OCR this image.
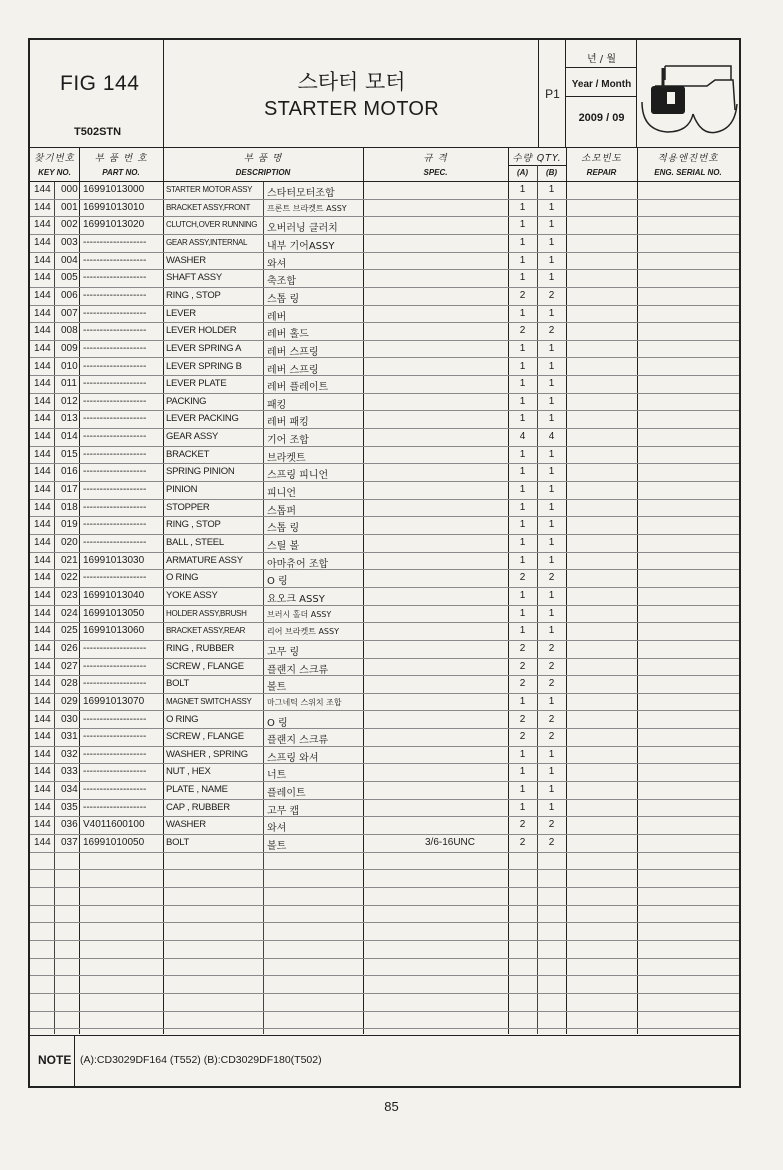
FIG 144
T502STN
스타터 모터
STARTER MOTOR
P1
년 / 월
Year / Month
2009 / 09
찾기번호
KEY NO.
부 품 번 호
PART NO.
부 품 명
DESCRIPTION
규 격
SPEC.
수량 QTY.
(A)	(B)
소모빈도
REPAIR
적용엔진번호
ENG. SERIAL NO.
144 000 16991013000	STARTER MOTOR ASSY 스타터모터조합	1	1
144 001 16991013010	BRACKET ASSY,FRONT 프론트 브라켓트 ASSY	1	1
144 002 16991013020	CLUTCH,OVER RUNNING 오버러닝 클러치	1	1
144 003 ------------------- GEAR ASSY,INTERNAL 내부 기어ASSY	1	1
144 004 ------------------- WASHER	와셔	1	1
144 005 ------------------- SHAFT ASSY	축조합	1	1
144 006 ------------------- RING , STOP	스톱 링	2	2
144 007 ------------------- LEVER	레버	1	1
144 008 ------------------- LEVER HOLDER	레버 홀드	2	2
144 009 ------------------- LEVER SPRING A	레버 스프링	1	1
144 010 ------------------- LEVER SPRING B	레버 스프링	1	1
144 011 ------------------- LEVER PLATE	레버 플레이트	1	1
144 012 ------------------- PACKING	패킹	1	1
144 013 ------------------- LEVER PACKING	레버 패킹	1	1
144 014 ------------------- GEAR ASSY	기어 조합	4	4
144 015 ------------------- BRACKET	브라켓트	1	1
144 016 ------------------- SPRING PINION	스프링 피니언	1	1
144 017 ------------------- PINION	피니언	1	1
144 018 ------------------- STOPPER	스톱퍼	1	1
144 019 ------------------- RING , STOP	스톱 링	1	1
144 020 ------------------- BALL , STEEL	스틸 볼	1	1
144 021 16991013030 ARMATURE ASSY 아마츄어 조합	1	1
144 022 ------------------- O RING	O 링	2	2
144 023 16991013040 YOKE ASSY	요오크 ASSY	1	1
144 024 16991013050	HOLDER ASSY,BRUSH	브러시 홀더 ASSY	1	1
144 025 16991013060	BRACKET ASSY,REAR	리어 브라켓트 ASSY	1	1
144 026 ------------------- RING , RUBBER	고무 링	2	2
144 027 ------------------- SCREW , FLANGE 플랜지 스크류	2	2
144 028 ------------------- BOLT	볼트	2	2
144 029 16991013070	MAGNET SWITCH ASSY 마그네틱 스위치 조합	1	1
144 030 ------------------- O RING	O 링	2	2
144 031 ------------------- SCREW , FLANGE 플랜지 스크류	2	2
144 032 ------------------- WASHER , SPRING 스프링 와셔	1	1
144 033 ------------------- NUT , HEX	너트	1	1
144 034 ------------------- PLATE , NAME	플레이트	1	1
144 035 ------------------- CAP , RUBBER	고무 캡	1	1
144 036 V4011600100 WASHER	와셔	2	2
144 037 16991010050 BOLT	볼트	3/6-16UNC	2	2
NOTE (A):CD3029DF164 (T552) (B):CD3029DF180(T502)
85
